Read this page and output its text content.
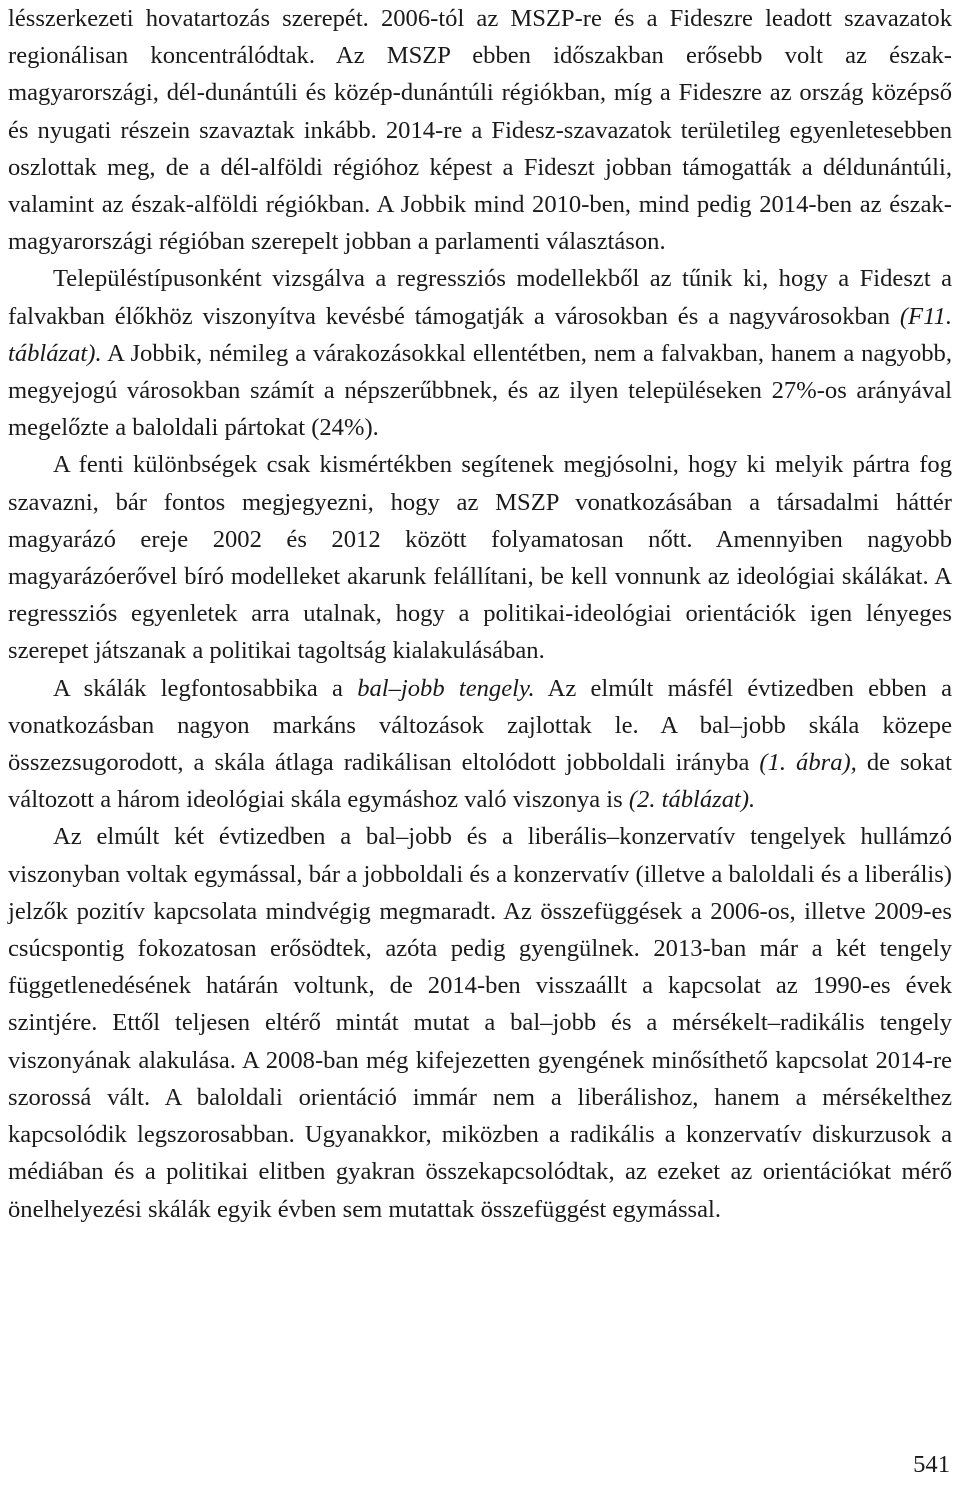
lésszerkezeti hovatartozás szerepét. 2006-tól az MSZP-re és a Fideszre leadott szavazatok regionálisan koncentrálódtak. Az MSZP ebben időszakban erősebb volt az észak-magyarországi, dél-dunántúli és közép-dunántúli régiókban, míg a Fideszre az ország középső és nyugati részein szavaztak inkább. 2014-re a Fidesz-szavazatok területileg egyenletesebben oszlottak meg, de a dél-alföldi régióhoz képest a Fideszt jobban támogatták a déldunántúli, valamint az észak-alföldi régiókban. A Jobbik mind 2010-ben, mind pedig 2014-ben az észak-magyarországi régióban szerepelt jobban a parlamenti választáson.

Településtípusonként vizsgálva a regressziós modellekből az tűnik ki, hogy a Fideszt a falvakban élőkhöz viszonyítva kevésbé támogatják a városokban és a nagyvárosokban (F11. táblázat). A Jobbik, némileg a várakozásokkal ellentétben, nem a falvakban, hanem a nagyobb, megyejogú városokban számít a népszerűbbnek, és az ilyen településeken 27%-os arányával megelőzte a baloldali pártokat (24%).

A fenti különbségek csak kismértékben segítenek megjósolni, hogy ki melyik pártra fog szavazni, bár fontos megjegyezni, hogy az MSZP vonatkozásában a társadalmi háttér magyarázó ereje 2002 és 2012 között folyamatosan nőtt. Amennyiben nagyobb magyarázóerővel bíró modelleket akarunk felállítani, be kell vonnunk az ideológiai skálákat. A regressziós egyenletek arra utalnak, hogy a politikai-ideológiai orientációk igen lényeges szerepet játszanak a politikai tagoltság kialakulásában.

A skálák legfontosabbika a bal–jobb tengely. Az elmúlt másfél évtizedben ebben a vonatkozásban nagyon markáns változások zajlottak le. A bal–jobb skála közepe összezsugorodott, a skála átlaga radikálisan eltolódott jobboldali irányba (1. ábra), de sokat változott a három ideológiai skála egymáshoz való viszonya is (2. táblázat).

Az elmúlt két évtizedben a bal–jobb és a liberális–konzervatív tengelyek hullámzó viszonyban voltak egymással, bár a jobboldali és a konzervatív (illetve a baloldali és a liberális) jelzők pozitív kapcsolata mindvégig megmaradt. Az összefüggések a 2006-os, illetve 2009-es csúcspontig fokozatosan erősödtek, azóta pedig gyengülnek. 2013-ban már a két tengely függetlenedésének határán voltunk, de 2014-ben visszaállt a kapcsolat az 1990-es évek szintjére. Ettől teljesen eltérő mintát mutat a bal–jobb és a mérsékelt–radikális tengely viszonyának alakulása. A 2008-ban még kifejezetten gyengének minősíthető kapcsolat 2014-re szorossá vált. A baloldali orientáció immár nem a liberálishoz, hanem a mérsékelthez kapcsolódik legszorosabban. Ugyanakkor, miközben a radikális a konzervatív diskurzusok a médiában és a politikai elitben gyakran összekapcsolódtak, az ezeket az orientációkat mérő önelhelyezési skálák egyik évben sem mutattak összefüggést egymással.

541
